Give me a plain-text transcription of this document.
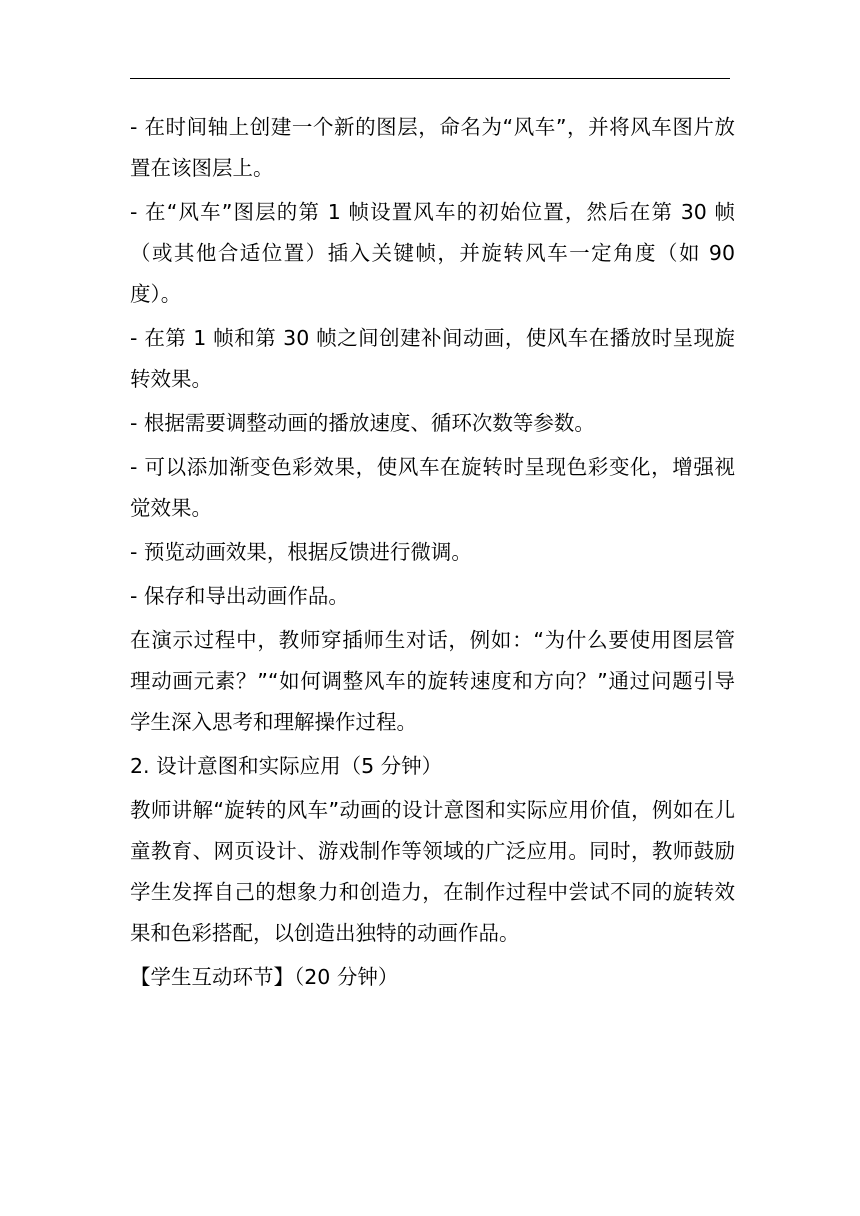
- 在时间轴上创建一个新的图层，命名为“风车”，并将风车图片放置在该图层上。

- 在“风车”图层的第 1 帧设置风车的初始位置，然后在第 30 帧（或其他合适位置）插入关键帧，并旋转风车一定角度（如 90 度）。

- 在第 1 帧和第 30 帧之间创建补间动画，使风车在播放时呈现旋转效果。

- 根据需要调整动画的播放速度、循环次数等参数。

- 可以添加渐变色彩效果，使风车在旋转时呈现色彩变化，增强视觉效果。

- 预览动画效果，根据反馈进行微调。

- 保存和导出动画作品。

在演示过程中，教师穿插师生对话，例如：“为什么要使用图层管理动画元素？”“如何调整风车的旋转速度和方向？”通过问题引导学生深入思考和理解操作过程。

2. 设计意图和实际应用（5 分钟）

教师讲解“旋转的风车”动画的设计意图和实际应用价值，例如在儿童教育、网页设计、游戏制作等领域的广泛应用。同时，教师鼓励学生发挥自己的想象力和创造力，在制作过程中尝试不同的旋转效果和色彩搭配，以创造出独特的动画作品。

【学生互动环节】（20 分钟）
